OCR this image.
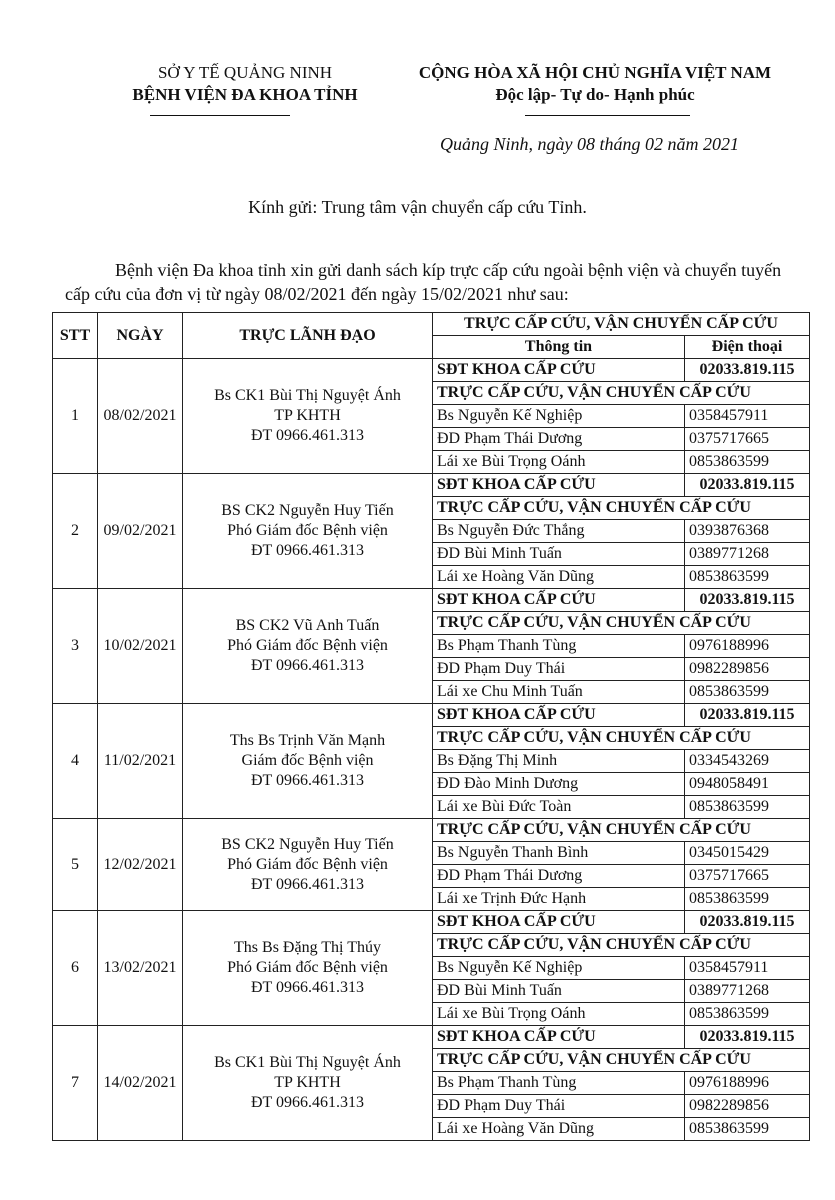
SỞ Y TẾ QUẢNG NINH
BỆNH VIỆN ĐA KHOA TỈNH
CỘNG HÒA XÃ HỘI CHỦ NGHĨA VIỆT NAM
Độc lập- Tự do- Hạnh phúc
Quảng Ninh, ngày 08 tháng 02 năm 2021
Kính gửi: Trung tâm vận chuyển cấp cứu Tỉnh.
Bệnh viện Đa khoa tỉnh xin gửi danh sách kíp trực cấp cứu ngoài bệnh viện và chuyển tuyến cấp cứu của đơn vị từ ngày 08/02/2021 đến ngày 15/02/2021 như sau:
STT	NGÀY	TRỰC LÃNH ĐẠO	TRỰC CẤP CỨU, VẬN CHUYỂN CẤP CỨU	
			Thông tin	Điện thoại
1	08/02/2021	Bs CK1 Bùi Thị Nguyệt Ánh
TP KHTH
ĐT 0966.461.313	SĐT KHOA CẤP CỨU	02033.819.115
			TRỰC CẤP CỨU, VẬN CHUYỂN CẤP CỨU	
			Bs Nguyễn Kế Nghiệp	0358457911
			ĐD Phạm Thái Dương	0375717665
			Lái xe Bùi Trọng Oánh	0853863599
2	09/02/2021	BS CK2 Nguyễn Huy Tiến
Phó Giám đốc Bệnh viện
ĐT 0966.461.313	SĐT KHOA CẤP CỨU	02033.819.115
			TRỰC CẤP CỨU, VẬN CHUYỂN CẤP CỨU	
			Bs Nguyễn Đức Thắng	0393876368
			ĐD Bùi Minh Tuấn	0389771268
			Lái xe Hoàng Văn Dũng	0853863599
3	10/02/2021	BS CK2 Vũ Anh Tuấn
Phó Giám đốc Bệnh viện
ĐT 0966.461.313	SĐT KHOA CẤP CỨU	02033.819.115
			TRỰC CẤP CỨU, VẬN CHUYỂN CẤP CỨU	
			Bs Phạm Thanh Tùng	0976188996
			ĐD Phạm Duy Thái	0982289856
			Lái xe Chu Minh Tuấn	0853863599
4	11/02/2021	Ths Bs Trịnh Văn Mạnh
Giám đốc Bệnh viện
ĐT 0966.461.313	SĐT KHOA CẤP CỨU	02033.819.115
			TRỰC CẤP CỨU, VẬN CHUYỂN CẤP CỨU	
			Bs Đặng Thị Minh	0334543269
			ĐD Đào Minh Dương	0948058491
			Lái xe Bùi Đức Toàn	0853863599
5	12/02/2021	BS CK2 Nguyễn Huy Tiến
Phó Giám đốc Bệnh viện
ĐT 0966.461.313	TRỰC CẤP CỨU, VẬN CHUYỂN CẤP CỨU	
			Bs Nguyễn Thanh Bình	0345015429
			ĐD Phạm Thái Dương	0375717665
			Lái xe Trịnh Đức Hạnh	0853863599
6	13/02/2021	Ths Bs Đặng Thị Thúy
Phó Giám đốc Bệnh viện
ĐT 0966.461.313	SĐT KHOA CẤP CỨU	02033.819.115
			TRỰC CẤP CỨU, VẬN CHUYỂN CẤP CỨU	
			Bs Nguyễn Kế Nghiệp	0358457911
			ĐD Bùi Minh Tuấn	0389771268
			Lái xe Bùi Trọng Oánh	0853863599
7	14/02/2021	Bs CK1 Bùi Thị Nguyệt Ánh
TP KHTH
ĐT 0966.461.313	SĐT KHOA CẤP CỨU	02033.819.115
			TRỰC CẤP CỨU, VẬN CHUYỂN CẤP CỨU	
			Bs Phạm Thanh Tùng	0976188996
			ĐD Phạm Duy Thái	0982289856
			Lái xe Hoàng Văn Dũng	0853863599
